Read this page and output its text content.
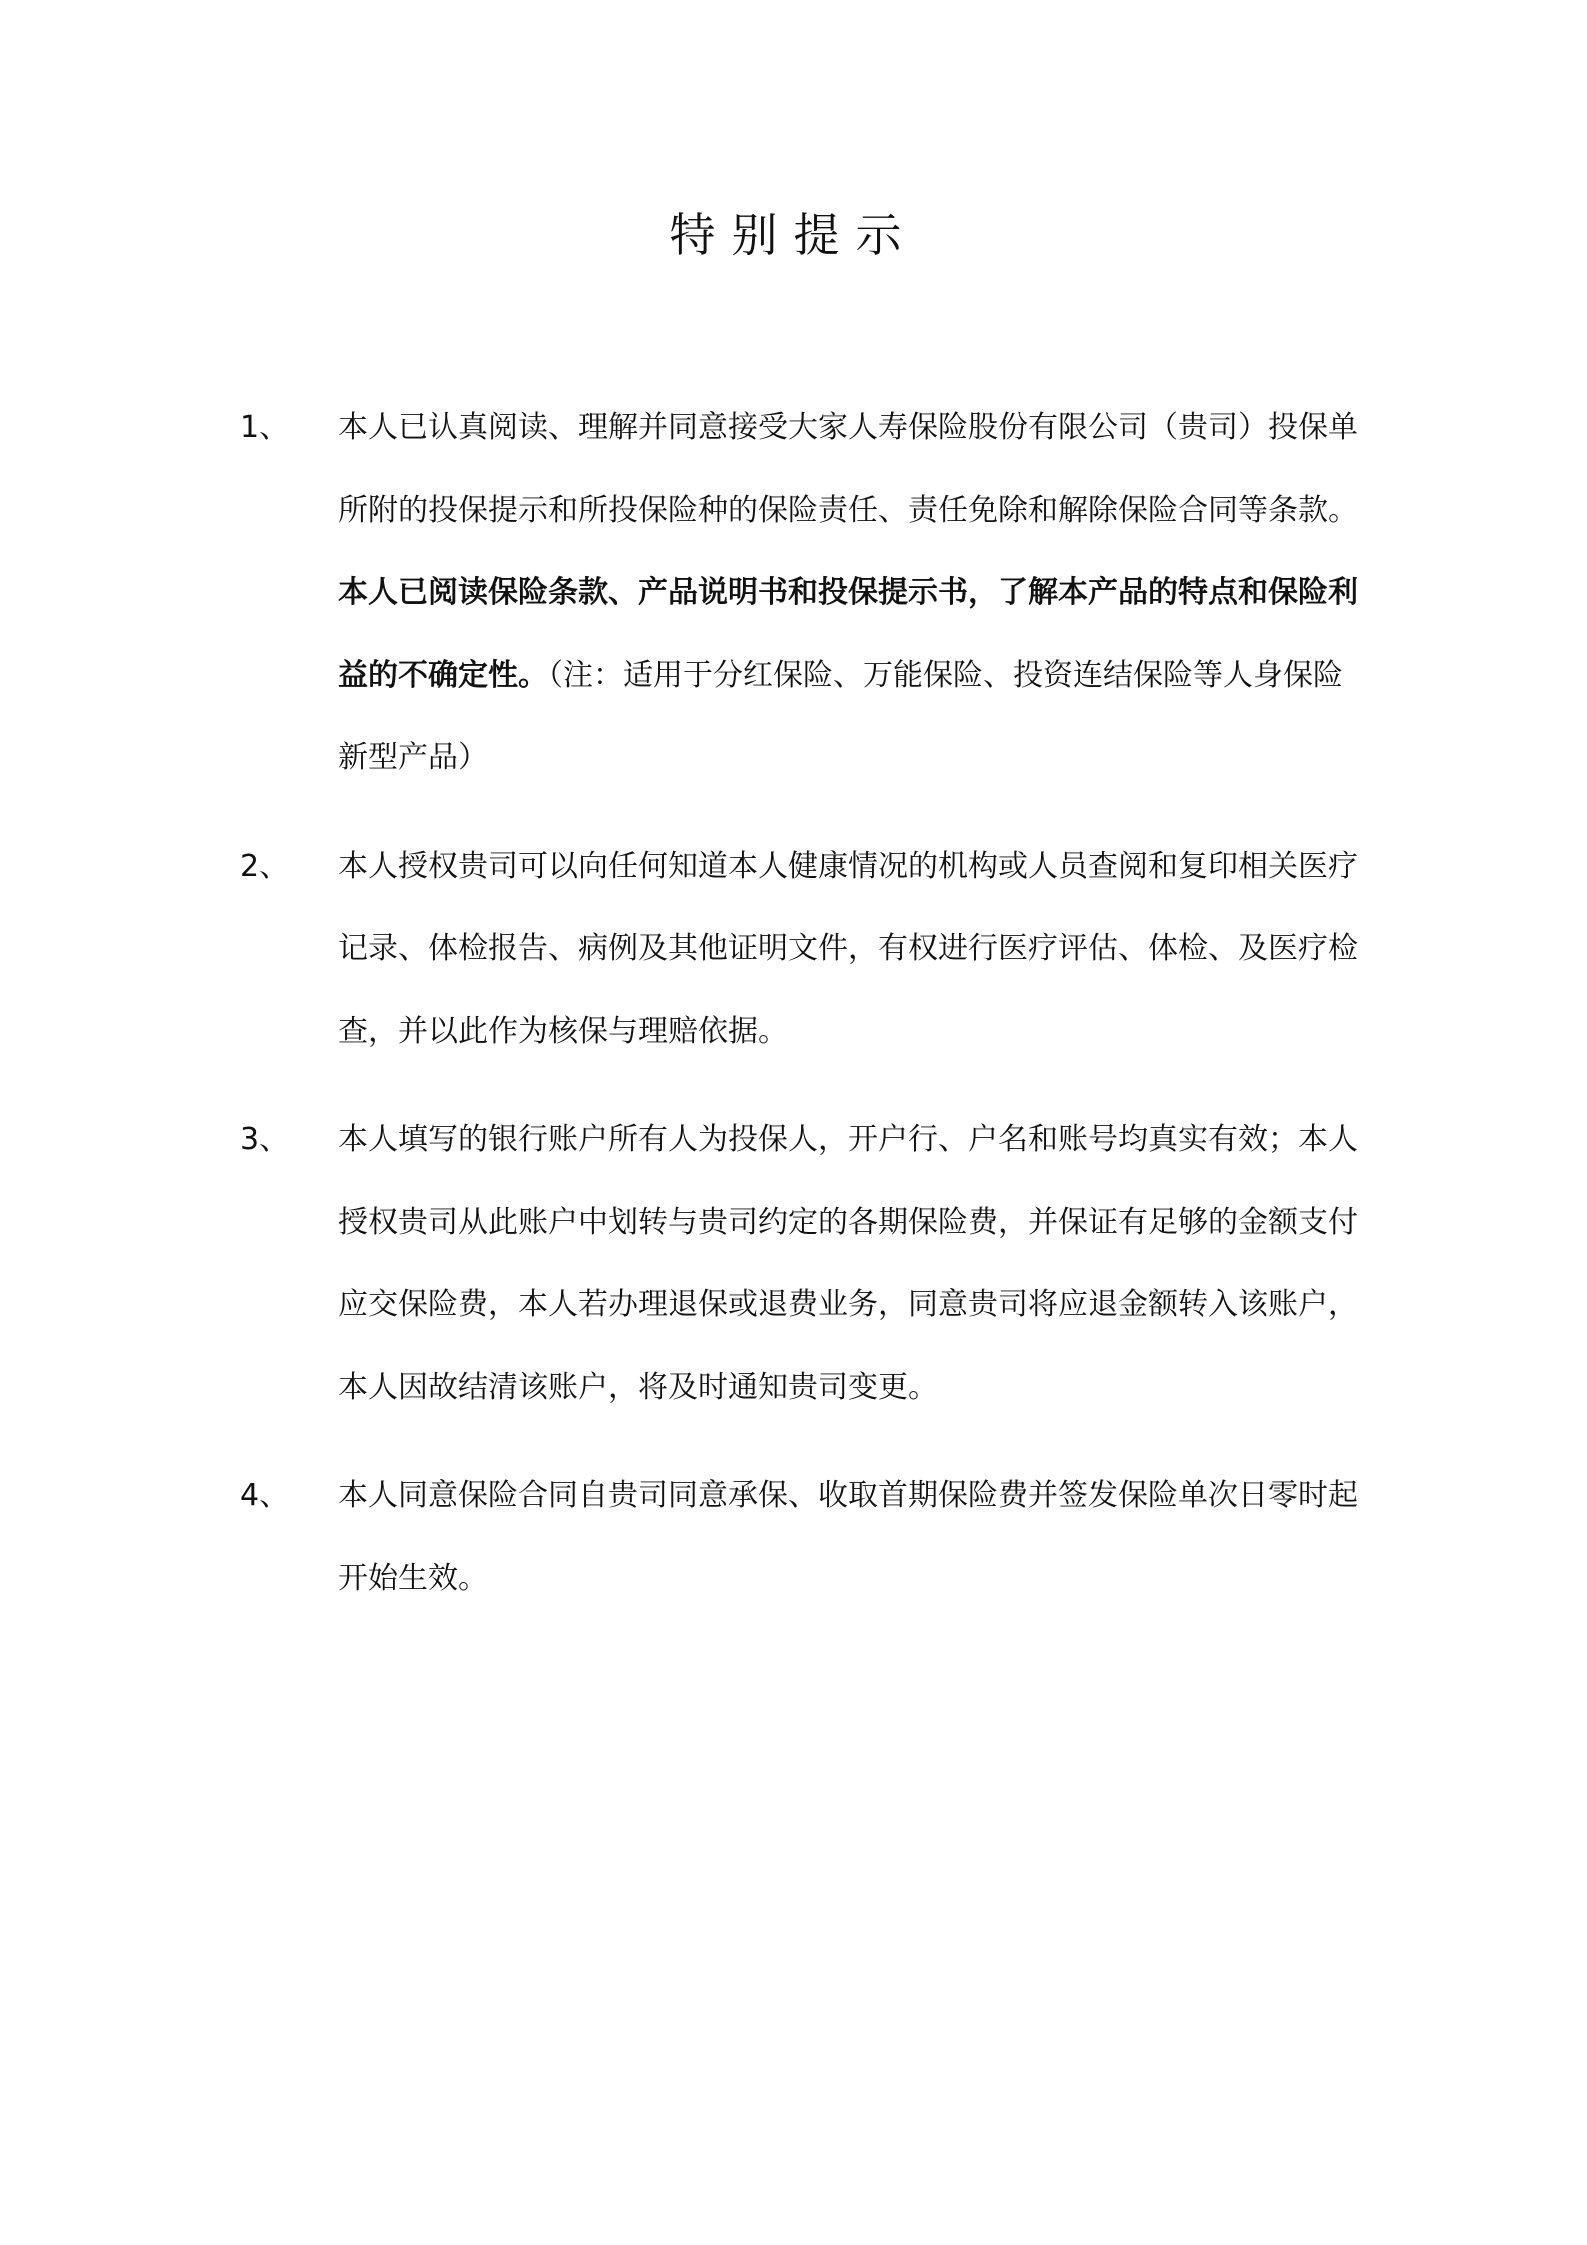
特别提示
1、	本人已认真阅读、理解并同意接受大家人寿保险股份有限公司（贵司）投保单所附的投保提示和所投保险种的保险责任、责任免除和解除保险合同等条款。本人已阅读保险条款、产品说明书和投保提示书，了解本产品的特点和保险利益的不确定性。（注：适用于分红保险、万能保险、投资连结保险等人身保险新型产品）
2、	本人授权贵司可以向任何知道本人健康情况的机构或人员查阅和复印相关医疗记录、体检报告、病例及其他证明文件，有权进行医疗评估、体检、及医疗检查，并以此作为核保与理赔依据。
3、	本人填写的银行账户所有人为投保人，开户行、户名和账号均真实有效；本人授权贵司从此账户中划转与贵司约定的各期保险费，并保证有足够的金额支付应交保险费，本人若办理退保或退费业务，同意贵司将应退金额转入该账户，本人因故结清该账户，将及时通知贵司变更。
4、	本人同意保险合同自贵司同意承保、收取首期保险费并签发保险单次日零时起开始生效。
